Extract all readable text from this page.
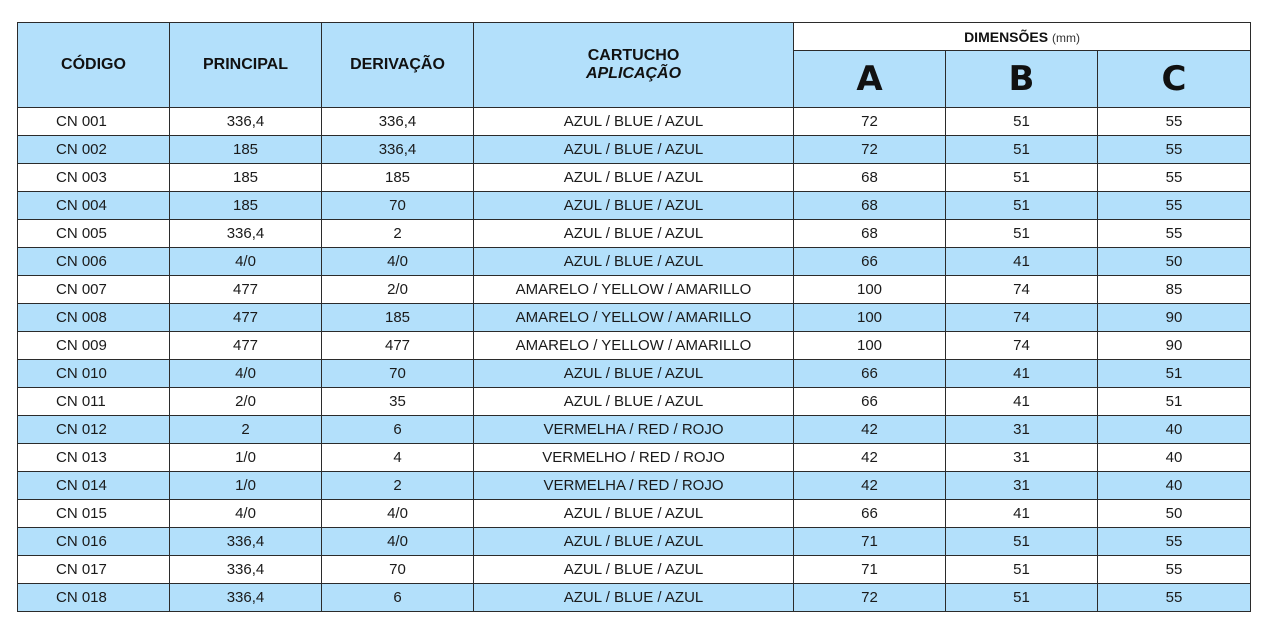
CÓDIGO	PRINCIPAL	DERIVAÇÃO	CARTUCHO
APLICAÇÃO	DIMENSÕES (mm)		
				A	B	C
CN 001	336,4	336,4	AZUL / BLUE / AZUL	72	51	55
CN 002	185	336,4	AZUL / BLUE / AZUL	72	51	55
CN 003	185	185	AZUL / BLUE / AZUL	68	51	55
CN 004	185	70	AZUL / BLUE / AZUL	68	51	55
CN 005	336,4	2	AZUL / BLUE / AZUL	68	51	55
CN 006	4/0	4/0	AZUL / BLUE / AZUL	66	41	50
CN 007	477	2/0	AMARELO / YELLOW / AMARILLO	100	74	85
CN 008	477	185	AMARELO / YELLOW / AMARILLO	100	74	90
CN 009	477	477	AMARELO / YELLOW / AMARILLO	100	74	90
CN 010	4/0	70	AZUL / BLUE / AZUL	66	41	51
CN 011	2/0	35	AZUL / BLUE / AZUL	66	41	51
CN 012	2	6	VERMELHA / RED / ROJO	42	31	40
CN 013	1/0	4	VERMELHO / RED / ROJO	42	31	40
CN 014	1/0	2	VERMELHA / RED / ROJO	42	31	40
CN 015	4/0	4/0	AZUL / BLUE / AZUL	66	41	50
CN 016	336,4	4/0	AZUL / BLUE / AZUL	71	51	55
CN 017	336,4	70	AZUL / BLUE / AZUL	71	51	55
CN 018	336,4	6	AZUL / BLUE / AZUL	72	51	55
